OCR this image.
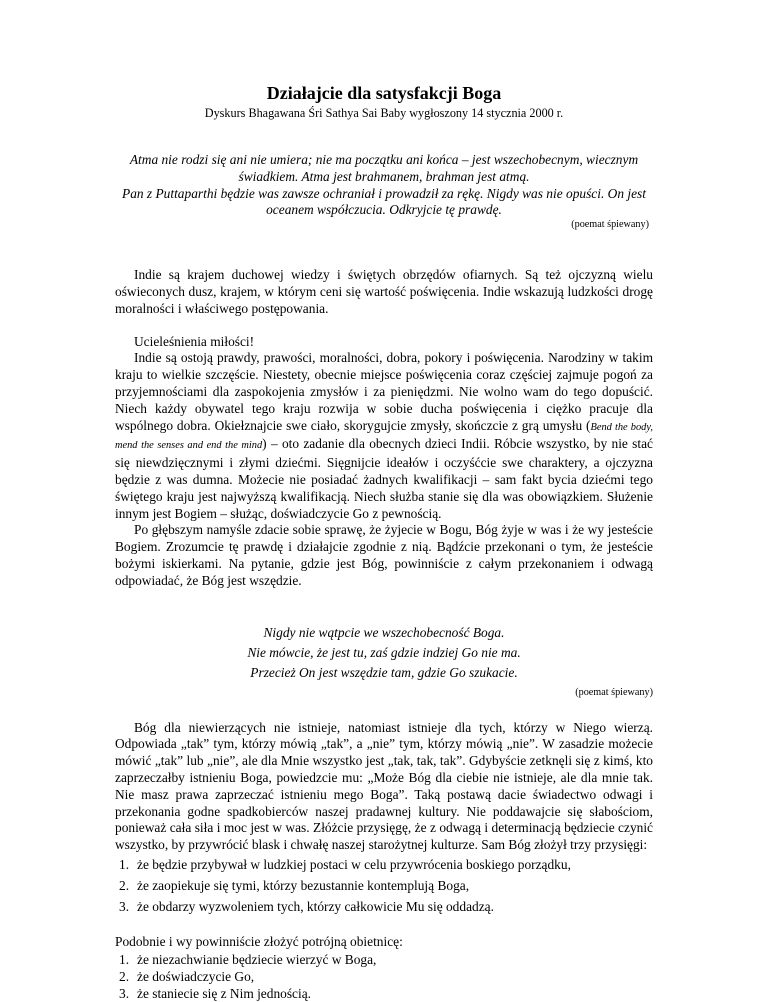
Działajcie dla satysfakcji Boga

Dyskurs Bhagawana Śri Sathya Sai Baby wygłoszony 14 stycznia 2000 r.

Atma nie rodzi się ani nie umiera; nie ma początku ani końca – jest wszechobecnym, wiecznym świadkiem. Atma jest brahmanem, brahman jest atmą.

Pan z Puttaparthi będzie was zawsze ochraniał i prowadził za rękę. Nigdy was nie opuści. On jest oceanem współczucia. Odkryjcie tę prawdę.

(poemat śpiewany)

Indie są krajem duchowej wiedzy i świętych obrzędów ofiarnych. Są też ojczyzną wielu oświeconych dusz, krajem, w którym ceni się wartość poświęcenia. Indie wskazują ludzkości drogę moralności i właściwego postępowania.

Ucieleśnienia miłości!

Indie są ostoją prawdy, prawości, moralności, dobra, pokory i poświęcenia. Narodziny w takim kraju to wielkie szczęście. Niestety, obecnie miejsce poświęcenia coraz częściej zajmuje pogoń za przyjemnościami dla zaspokojenia zmysłów i za pieniędzmi. Nie wolno wam do tego dopuścić. Niech każdy obywatel tego kraju rozwija w sobie ducha poświęcenia i ciężko pracuje dla wspólnego dobra. Okiełznajcie swe ciało, skorygujcie zmysły, skończcie z grą umysłu (Bend the body, mend the senses and end the mind) – oto zadanie dla obecnych dzieci Indii. Róbcie wszystko, by nie stać się niewdzięcznymi i złymi dziećmi. Sięgnijcie ideałów i oczyśćcie swe charaktery, a ojczyzna będzie z was dumna. Możecie nie posiadać żadnych kwalifikacji – sam fakt bycia dziećmi tego świętego kraju jest najwyższą kwalifikacją. Niech służba stanie się dla was obowiązkiem. Służenie innym jest Bogiem – służąc, doświadczycie Go z pewnością.

Po głębszym namyśle zdacie sobie sprawę, że żyjecie w Bogu, Bóg żyje w was i że wy jesteście Bogiem. Zrozumcie tę prawdę i działajcie zgodnie z nią. Bądźcie przekonani o tym, że jesteście bożymi iskierkami. Na pytanie, gdzie jest Bóg, powinniście z całym przekonaniem i odwagą odpowiadać, że Bóg jest wszędzie.

Nigdy nie wątpcie we wszechobecność Boga.

Nie mówcie, że jest tu, zaś gdzie indziej Go nie ma.

Przecież On jest wszędzie tam, gdzie Go szukacie.

(poemat śpiewany)

Bóg dla niewierzących nie istnieje, natomiast istnieje dla tych, którzy w Niego wierzą. Odpowiada „tak” tym, którzy mówią „tak”, a „nie” tym, którzy mówią „nie”. W zasadzie możecie mówić „tak” lub „nie”, ale dla Mnie wszystko jest „tak, tak, tak”. Gdybyście zetknęli się z kimś, kto zaprzeczałby istnieniu Boga, powiedzcie mu: „Może Bóg dla ciebie nie istnieje, ale dla mnie tak. Nie masz prawa zaprzeczać istnieniu mego Boga”. Taką postawą dacie świadectwo odwagi i przekonania godne spadkobierców naszej pradawnej kultury. Nie poddawajcie się słabościom, ponieważ cała siła i moc jest w was. Złóżcie przysięgę, że z odwagą i determinacją będziecie czynić wszystko, by przywrócić blask i chwałę naszej starożytnej kulturze. Sam Bóg złożył trzy przysięgi:

1. że będzie przybywał w ludzkiej postaci w celu przywrócenia boskiego porządku,
2. że zaopiekuje się tymi, którzy bezustannie kontemplują Boga,
3. że obdarzy wyzwoleniem tych, którzy całkowicie Mu się oddadzą.

Podobnie i wy powinniście złożyć potrójną obietnicę:

1. że niezachwianie będziecie wierzyć w Boga,
2. że doświadczycie Go,
3. że staniecie się z Nim jednością.
